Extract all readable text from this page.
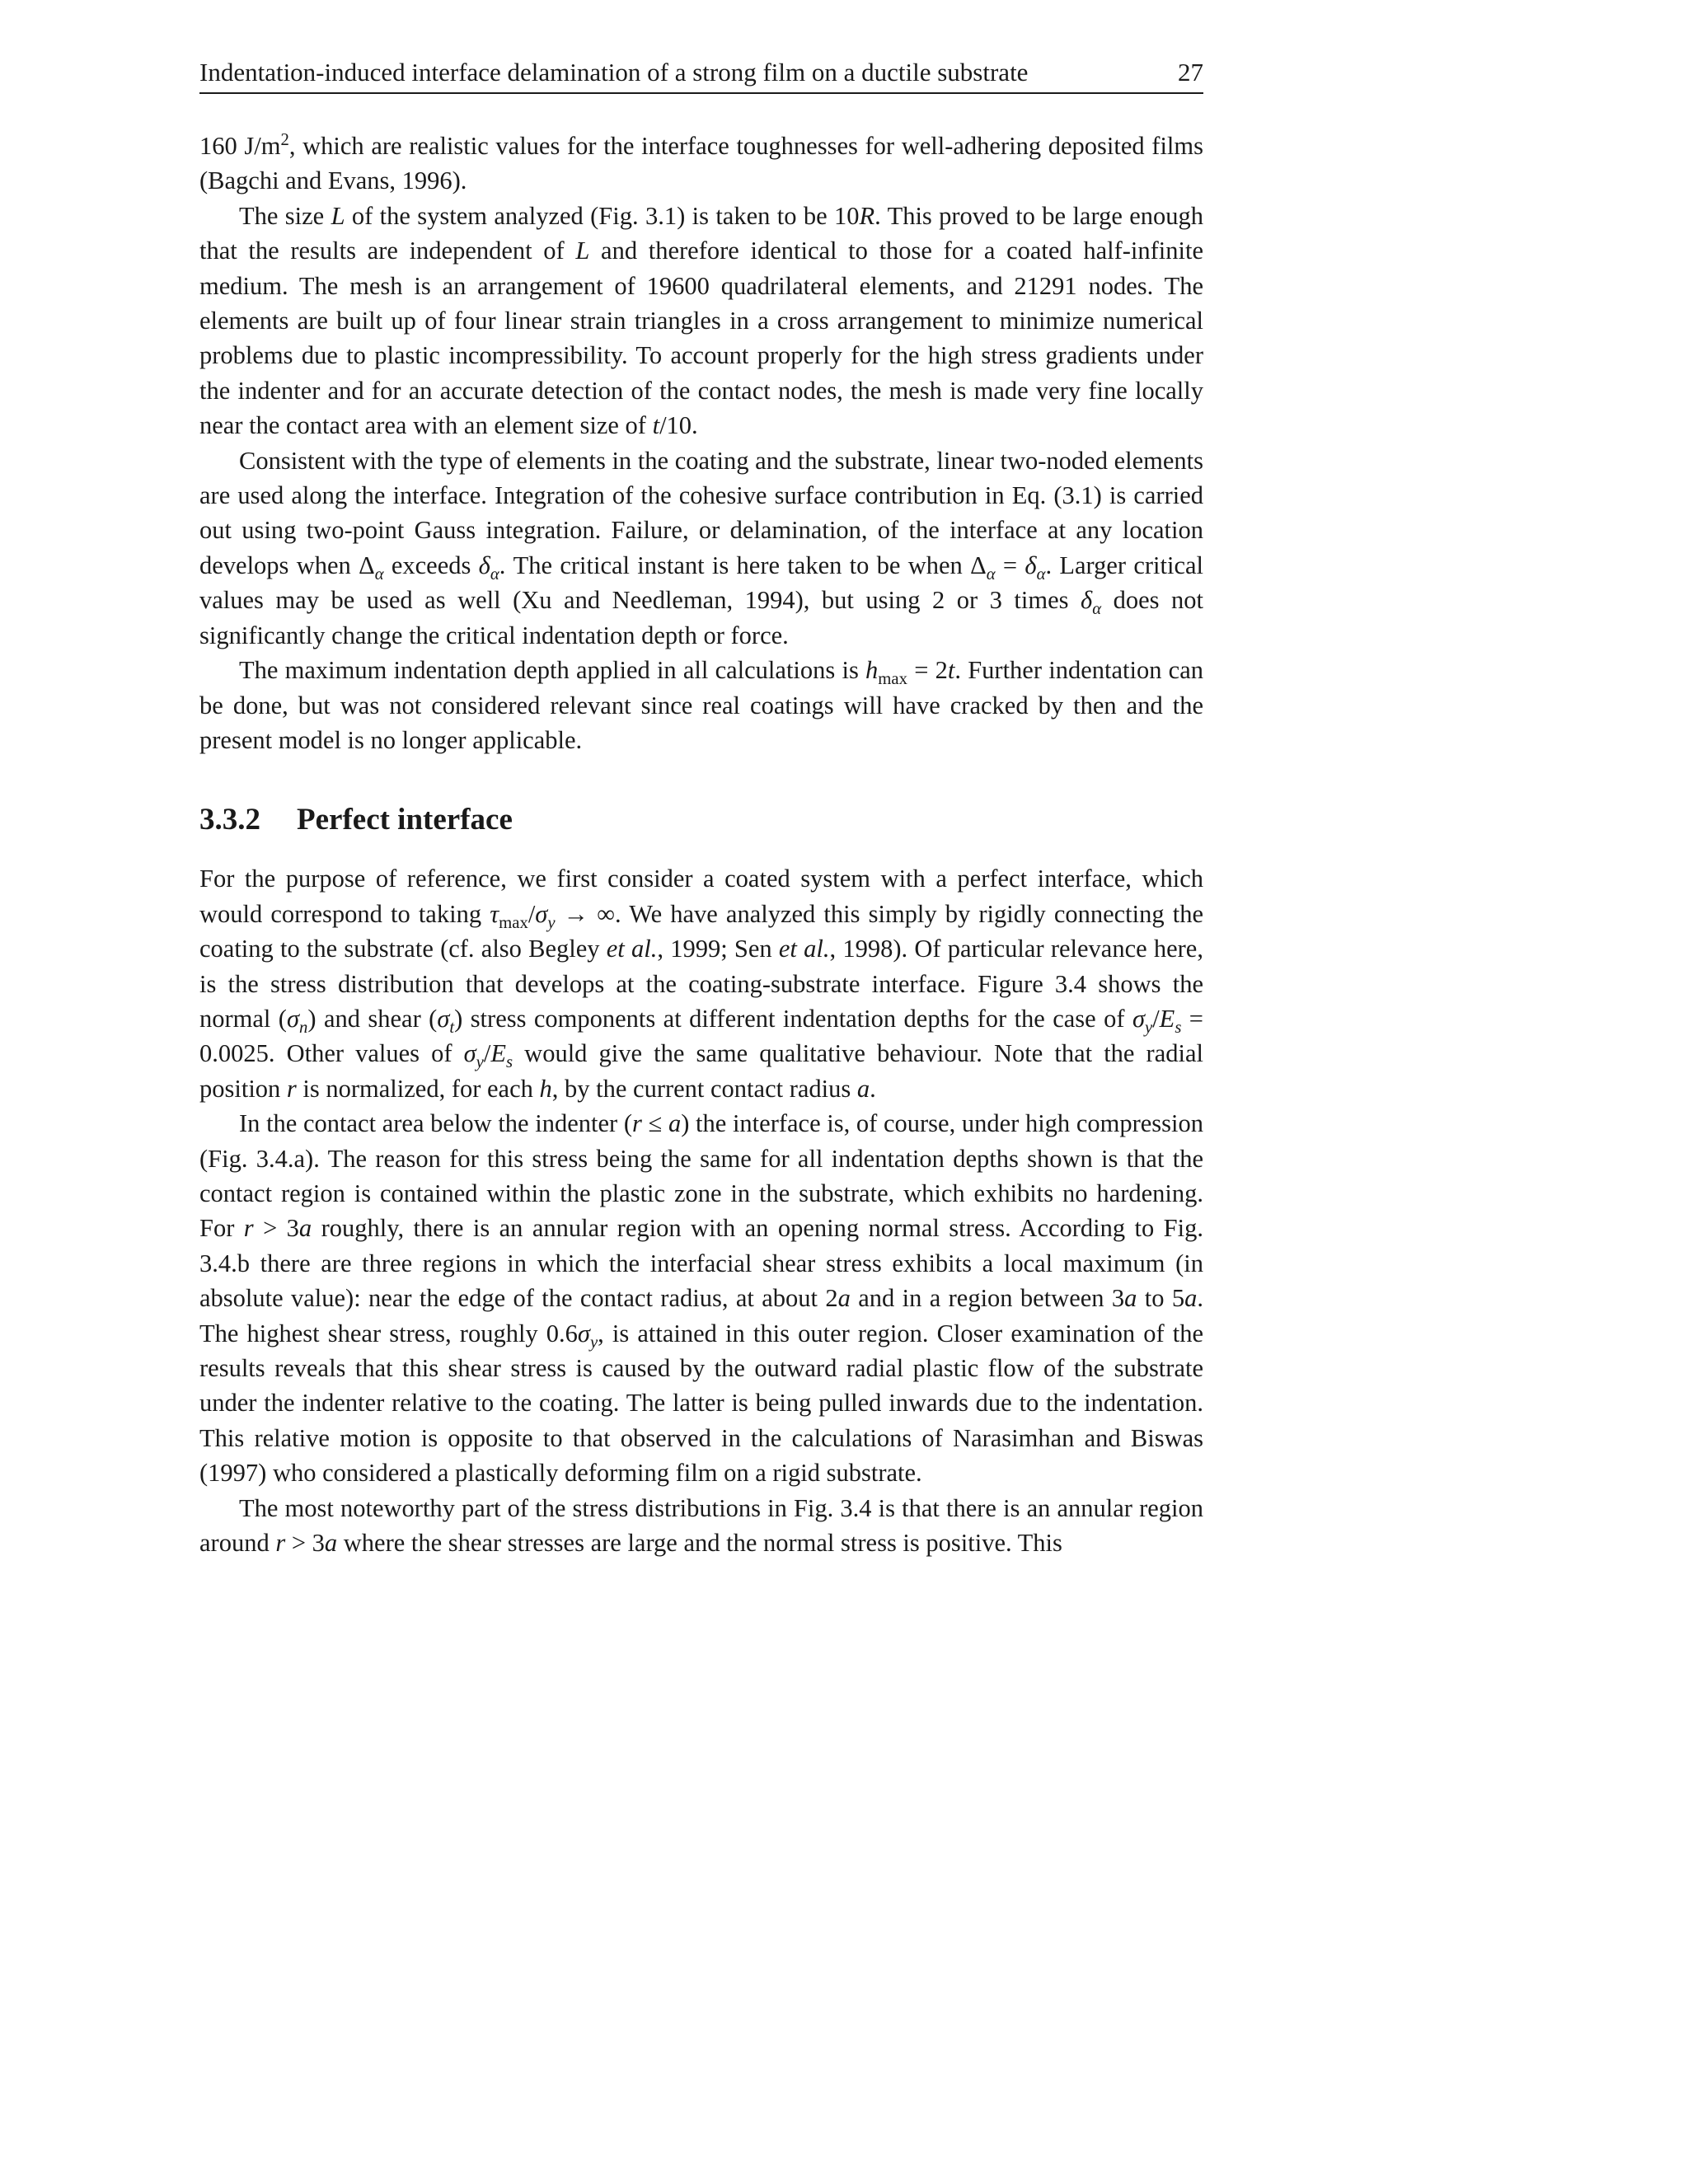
Indentation-induced interface delamination of a strong film on a ductile substrate	27

160 $J/m^2$, which are realistic values for the interface toughnesses for well-adhering deposited films (Bagchi and Evans, 1996).

The size L of the system analyzed (Fig. 3.1) is taken to be 10R. This proved to be large enough that the results are independent of L and therefore identical to those for a coated half-infinite medium. The mesh is an arrangement of 19600 quadrilateral elements, and 21291 nodes. The elements are built up of four linear strain triangles in a cross arrangement to minimize numerical problems due to plastic incompressibility. To account properly for the high stress gradients under the indenter and for an accurate detection of the contact nodes, the mesh is made very fine locally near the contact area with an element size of t/10.

Consistent with the type of elements in the coating and the substrate, linear two-noded elements are used along the interface. Integration of the cohesive surface contribution in Eq. (3.1) is carried out using two-point Gauss integration. Failure, or delamination, of the interface at any location develops when $\Delta_\alpha$ exceeds $\delta_\alpha$. The critical instant is here taken to be when $\Delta_\alpha = \delta_\alpha$. Larger critical values may be used as well (Xu and Needleman, 1994), but using 2 or 3 times $\delta_\alpha$ does not significantly change the critical indentation depth or force.

The maximum indentation depth applied in all calculations is $h_{max} = 2t$. Further indentation can be done, but was not considered relevant since real coatings will have cracked by then and the present model is no longer applicable.

3.3.2 Perfect interface

For the purpose of reference, we first consider a coated system with a perfect interface, which would correspond to taking $\tau_{max}/\sigma_y$ → ∞. We have analyzed this simply by rigidly connecting the coating to the substrate (cf. also Begley et al., 1999; Sen et al., 1998). Of particular relevance here, is the stress distribution that develops at the coating-substrate interface. Figure 3.4 shows the normal $(\sigma_n)$ and shear $(\sigma_t)$ stress components at different indentation depths for the case of $\sigma_y/E_s = 0.0025$. Other values of $\sigma_y/E_s$ would give the same qualitative behaviour. Note that the radial position r is normalized, for each h, by the current contact radius a.

In the contact area below the indenter (r ≤ a) the interface is, of course, under high compression (Fig. 3.4.a). The reason for this stress being the same for all indentation depths shown is that the contact region is contained within the plastic zone in the substrate, which exhibits no hardening. For r > 3a roughly, there is an annular region with an opening normal stress. According to Fig. 3.4.b there are three regions in which the interfacial shear stress exhibits a local maximum (in absolute value): near the edge of the contact radius, at about 2a and in a region between 3a to 5a. The highest shear stress, roughly $0.6\sigma_y$, is attained in this outer region. Closer examination of the results reveals that this shear stress is caused by the outward radial plastic flow of the substrate under the indenter relative to the coating. The latter is being pulled inwards due to the indentation. This relative motion is opposite to that observed in the calculations of Narasimhan and Biswas (1997) who considered a plastically deforming film on a rigid substrate.

The most noteworthy part of the stress distributions in Fig. 3.4 is that there is an annular region around r > 3a where the shear stresses are large and the normal stress is positive. This
